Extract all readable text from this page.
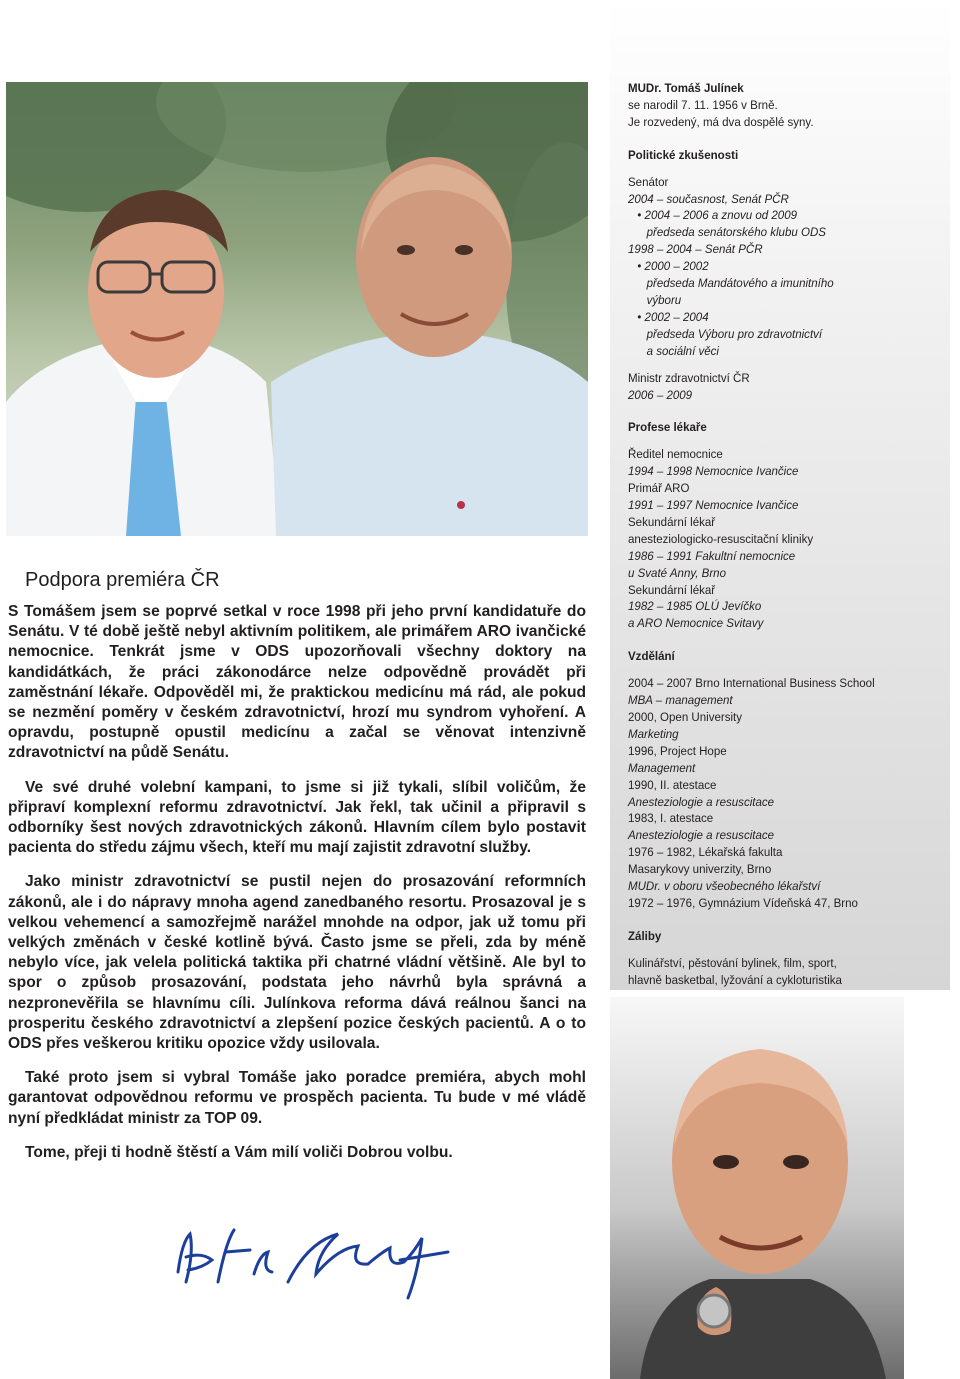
Podpora premiéra ČR

S Tomášem jsem se poprvé setkal v roce 1998 při jeho první kandidatuře do Senátu. V té době ještě nebyl aktivním politikem, ale primářem ARO ivančické nemocnice. Tenkrát jsme v ODS upozorňovali všechny doktory na kandidátkách, že práci zákonodárce nelze odpovědně provádět při zaměstnání lékaře. Odpověděl mi, že praktickou medicínu má rád, ale pokud se nezmění poměry v českém zdravotnictví, hrozí mu syndrom vyhoření. A opravdu, postupně opustil medicínu a začal se věnovat intenzivně zdravotnictví na půdě Senátu.

Ve své druhé volební kampani, to jsme si již tykali, slíbil voličům, že připraví komplexní reformu zdravotnictví. Jak řekl, tak učinil a připravil s odborníky šest nových zdravotnických zákonů. Hlavním cílem bylo postavit pacienta do středu zájmu všech, kteří mu mají zajistit zdravotní služby.

Jako ministr zdravotnictví se pustil nejen do prosazování reformních zákonů, ale i do nápravy mnoha agend zanedbaného resortu. Prosazoval je s velkou vehemencí a samozřejmě narážel mnohde na odpor, jak už tomu při velkých změnách v české kotlině bývá. Často jsme se přeli, zda by méně nebylo více, jak velela politická taktika při chatrné vládní většině. Ale byl to spor o způsob prosazování, podstata jeho návrhů byla správná a nezpronevěřila se hlavnímu cíli. Julínkova reforma dává reálnou šanci na prosperitu českého zdravotnictví a zlepšení pozice českých pacientů. A o to ODS přes veškerou kritiku opozice vždy usilovala.

Také proto jsem si vybral Tomáše jako poradce premiéra, abych mohl garantovat odpovědnou reformu ve prospěch pacienta. Tu bude v mé vládě nyní předkládat ministr za TOP 09.

Tome, přeji ti hodně štěstí a Vám milí voliči Dobrou volbu.

MUDr. Tomáš Julínek
se narodil 7. 11. 1956 v Brně.
Je rozvedený, má dva dospělé syny.
Politické zkušenosti
Senátor
2004 – současnost, Senát PČR
• 2004 – 2006 a znovu od 2009
předseda senátorského klubu ODS
1998 – 2004 – Senát PČR
• 2000 – 2002
předseda Mandátového a imunitního
výboru
• 2002 – 2004
předseda Výboru pro zdravotnictví
a sociální věci
Ministr zdravotnictví ČR
2006 – 2009
Profese lékaře
Ředitel nemocnice
1994 – 1998 Nemocnice Ivančice
Primář ARO
1991 – 1997 Nemocnice Ivančice
Sekundární lékař
anesteziologicko-resuscitační kliniky
1986 – 1991 Fakultní nemocnice
u Svaté Anny, Brno
Sekundární lékař
1982 – 1985 OLÚ Jevíčko
a ARO Nemocnice Svitavy
Vzdělání
2004 – 2007 Brno International Business School
MBA – management
2000, Open University
Marketing
1996, Project Hope
Management
1990, II. atestace
Anesteziologie a resuscitace
1983, I. atestace
Anesteziologie a resuscitace
1976 – 1982, Lékařská fakulta
Masarykovy univerzity, Brno
MUDr. v oboru všeobecného lékařství
1972 – 1976, Gymnázium Vídeňská 47, Brno
Záliby
Kulinářství, pěstování bylinek, film, sport,
hlavně basketbal, lyžování a cykloturistika
